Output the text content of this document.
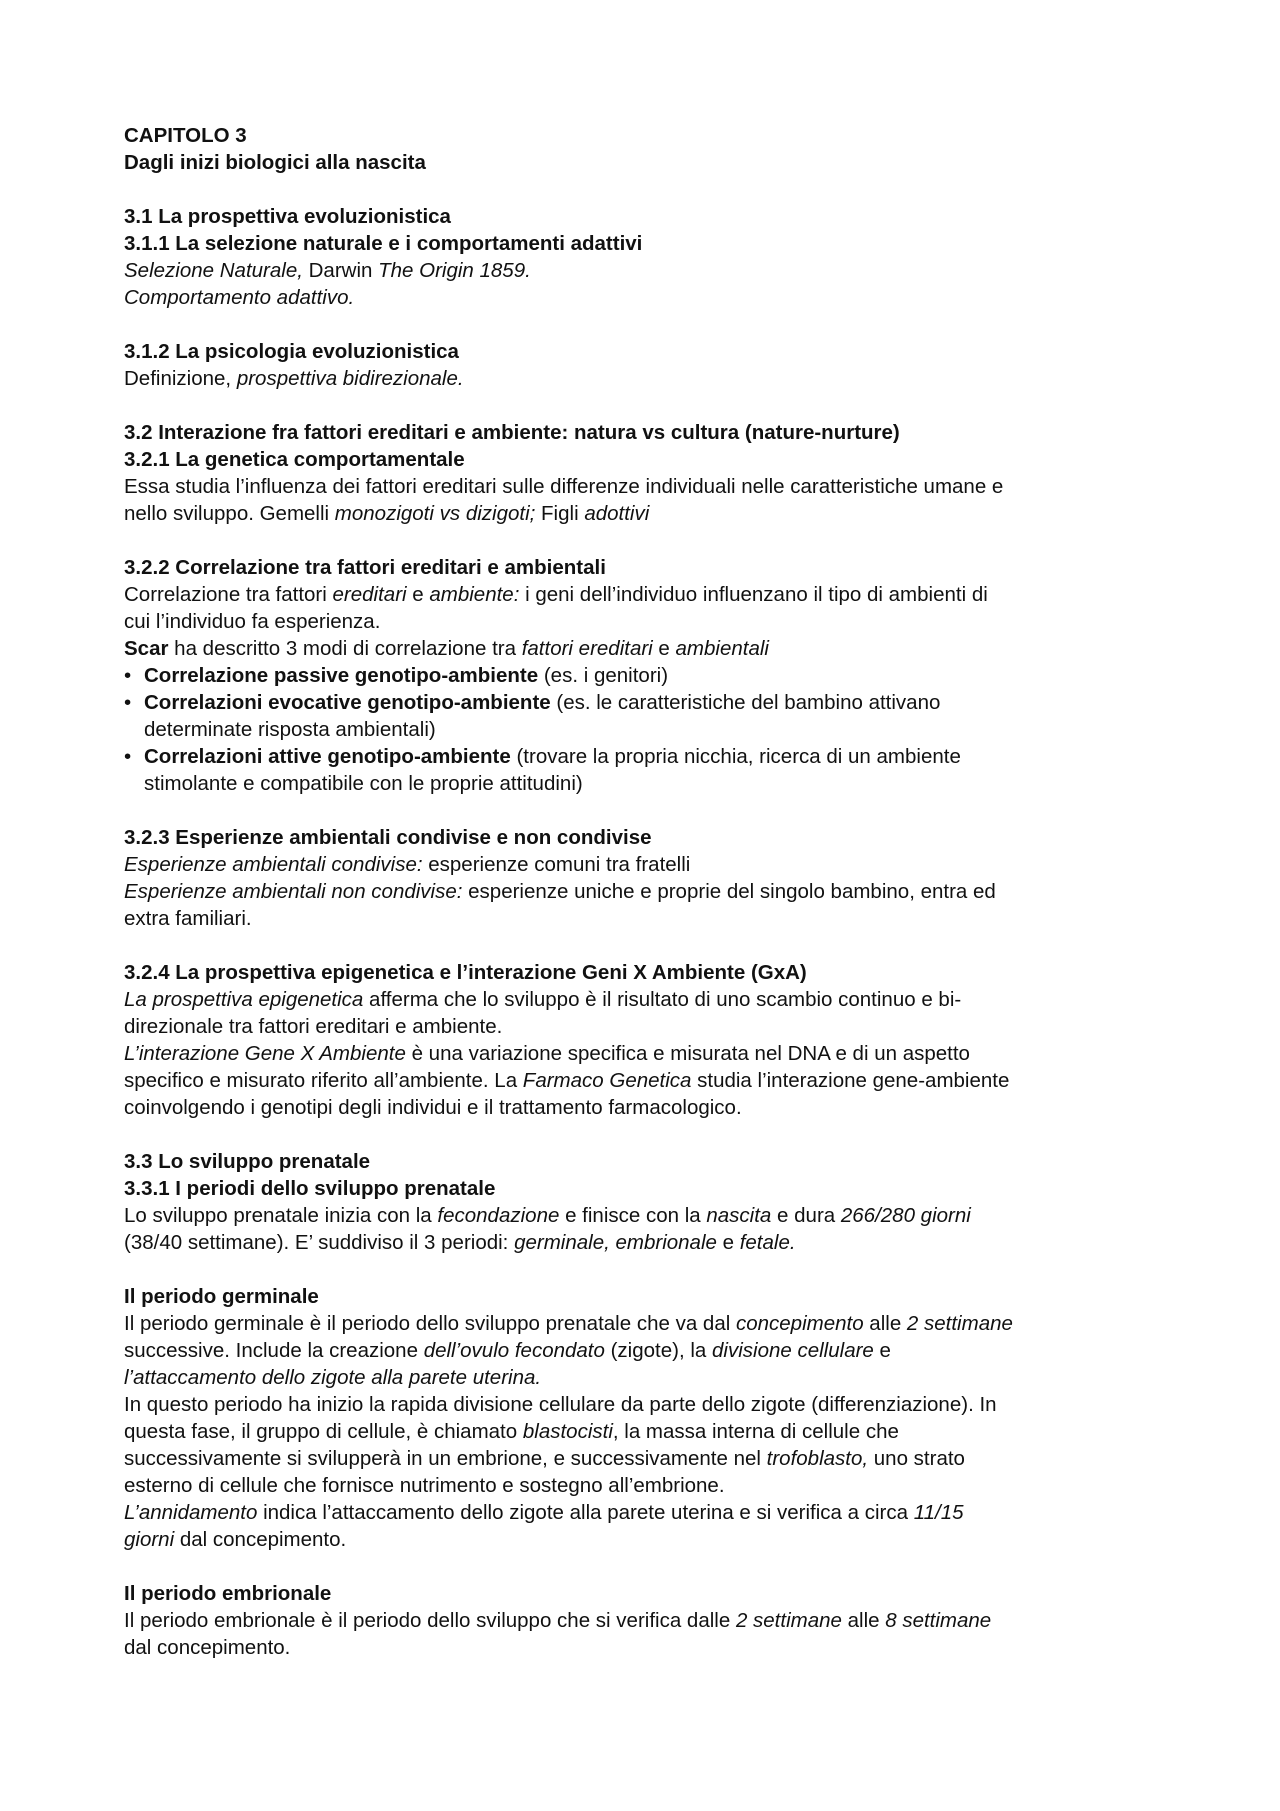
CAPITOLO 3
Dagli inizi biologici alla nascita
3.1 La prospettiva evoluzionistica
3.1.1 La selezione naturale e i comportamenti adattivi
Selezione Naturale, Darwin The Origin 1859.
Comportamento adattivo.
3.1.2 La psicologia evoluzionistica
Definizione, prospettiva bidirezionale.
3.2 Interazione fra fattori ereditari e ambiente: natura vs cultura (nature-nurture)
3.2.1 La genetica comportamentale
Essa studia l’influenza dei fattori ereditari sulle differenze individuali nelle caratteristiche umane e
nello sviluppo. Gemelli monozigoti vs dizigoti; Figli adottivi
3.2.2 Correlazione tra fattori ereditari e ambientali
Correlazione tra fattori ereditari e ambiente: i geni dell’individuo influenzano il tipo di ambienti di
cui l’individuo fa esperienza.
Scar ha descritto 3 modi di correlazione tra fattori ereditari e ambientali
• Correlazione passive genotipo-ambiente (es. i genitori)
• Correlazioni evocative genotipo-ambiente (es. le caratteristiche del bambino attivano
determinate risposta ambientali)
• Correlazioni attive genotipo-ambiente (trovare la propria nicchia, ricerca di un ambiente
stimolante e compatibile con le proprie attitudini)
3.2.3 Esperienze ambientali condivise e non condivise
Esperienze ambientali condivise: esperienze comuni tra fratelli
Esperienze ambientali non condivise: esperienze uniche e proprie del singolo bambino, entra ed
extra familiari.
3.2.4 La prospettiva epigenetica e l’interazione Geni X Ambiente (GxA)
La prospettiva epigenetica afferma che lo sviluppo è il risultato di uno scambio continuo e bi-
direzionale tra fattori ereditari e ambiente.
L’interazione Gene X Ambiente è una variazione specifica e misurata nel DNA e di un aspetto
specifico e misurato riferito all’ambiente. La Farmaco Genetica studia l’interazione gene-ambiente
coinvolgendo i genotipi degli individui e il trattamento farmacologico.
3.3 Lo sviluppo prenatale
3.3.1 I periodi dello sviluppo prenatale
Lo sviluppo prenatale inizia con la fecondazione e finisce con la nascita e dura 266/280 giorni
(38/40 settimane). E’ suddiviso il 3 periodi: germinale, embrionale e fetale.
Il periodo germinale
Il periodo germinale è il periodo dello sviluppo prenatale che va dal concepimento alle 2 settimane
successive. Include la creazione dell’ovulo fecondato (zigote), la divisione cellulare e
l’attaccamento dello zigote alla parete uterina.
In questo periodo ha inizio la rapida divisione cellulare da parte dello zigote (differenziazione). In
questa fase, il gruppo di cellule, è chiamato blastocisti, la massa interna di cellule che
successivamente si svilupperà in un embrione, e successivamente nel trofoblasto, uno strato
esterno di cellule che fornisce nutrimento e sostegno all’embrione.
L’annidamento indica l’attaccamento dello zigote alla parete uterina e si verifica a circa 11/15
giorni dal concepimento.
Il periodo embrionale
Il periodo embrionale è il periodo dello sviluppo che si verifica dalle 2 settimane alle 8 settimane
dal concepimento.
